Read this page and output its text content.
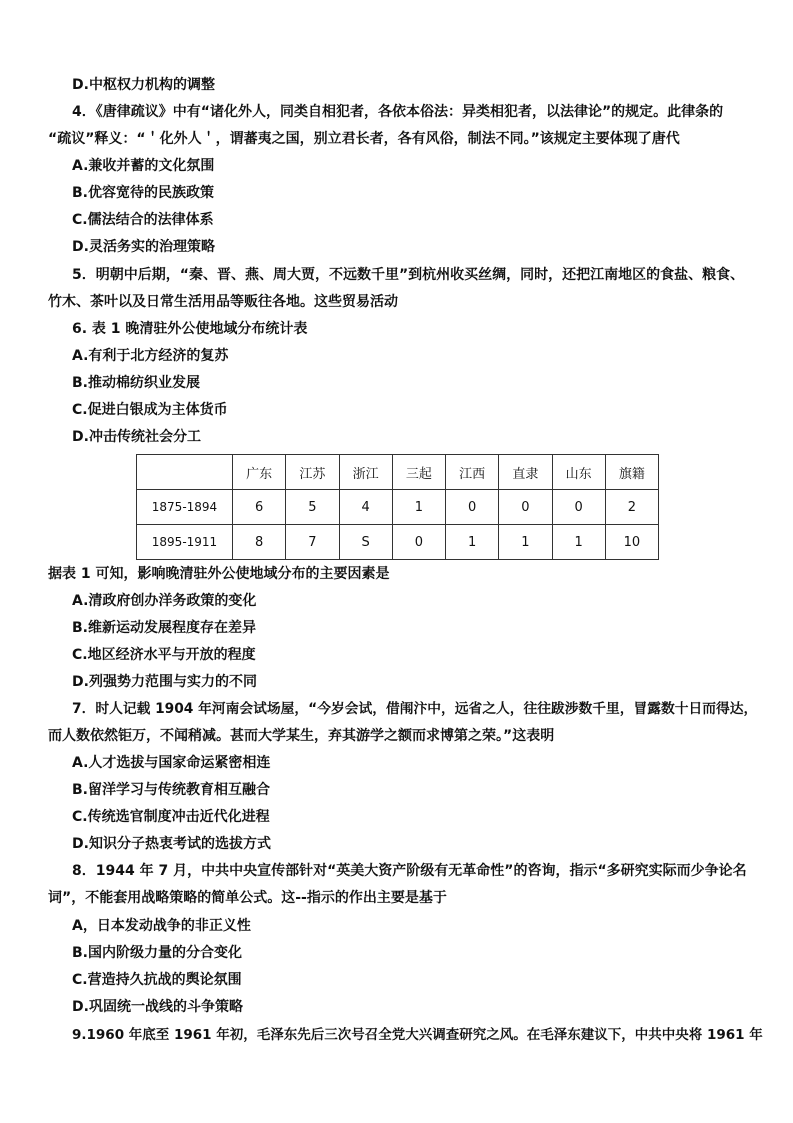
D.中枢权力机构的调整
4．《唐律疏议》中有“诸化外人，同类自相犯者，各依本俗法：异类相犯者，以法律论”的规定。此律条的
“疏议”释义：“＇化外人＇，谓蕃夷之国，别立君长者，各有风俗，制法不同。”该规定主要体现了唐代
A.兼收并蓄的文化氛围
B.优容宽待的民族政策
C.儒法结合的法律体系
D.灵活务实的治理策略
5．明朝中后期，“秦、晋、燕、周大贾，不远数千里”到杭州收买丝绸，同时，还把江南地区的食盐、粮食、
竹木、茶叶以及日常生活用品等贩往各地。这些贸易活动
6. 表 1 晚清驻外公使地域分布统计表
A.有利于北方经济的复苏
B.推动棉纺织业发展
C.促进白银成为主体货币
D.冲击传统社会分工
	广东	江苏	浙江	三起	江西	直隶	山东	旗籍
1875-1894	6	5	4	1	0	0	0	2
1895-1911	8	7	S	0	1	1	1	10
据表 1 可知，影响晚清驻外公使地域分布的主要因素是
A.清政府创办洋务政策的变化
B.维新运动发展程度存在差异
C.地区经济水平与开放的程度
D.列强势力范围与实力的不同
7．时人记载 1904 年河南会试场屋，“今岁会试，借闱汴中，远省之人，往往跋涉数千里，冒露数十日而得达，
而人数依然钜万，不闻稍减。甚而大学某生，弃其游学之额而求博第之荣。”这表明
A.人才选拔与国家命运紧密相连
B.留洋学习与传统教育相互融合
C.传统选官制度冲击近代化进程
D.知识分子热衷考试的选拔方式
8．1944 年 7 月，中共中央宣传部针对“英美大资产阶级有无革命性”的咨询，指示“多研究实际而少争论名
词”，不能套用战略策略的简单公式。这--指示的作出主要是基于
A，日本发动战争的非正义性
B.国内阶级力量的分合变化
C.营造持久抗战的舆论氛围
D.巩固统一战线的斗争策略
9.1960 年底至 1961 年初，毛泽东先后三次号召全党大兴调查研究之风。在毛泽东建议下，中共中央将 1961 年
